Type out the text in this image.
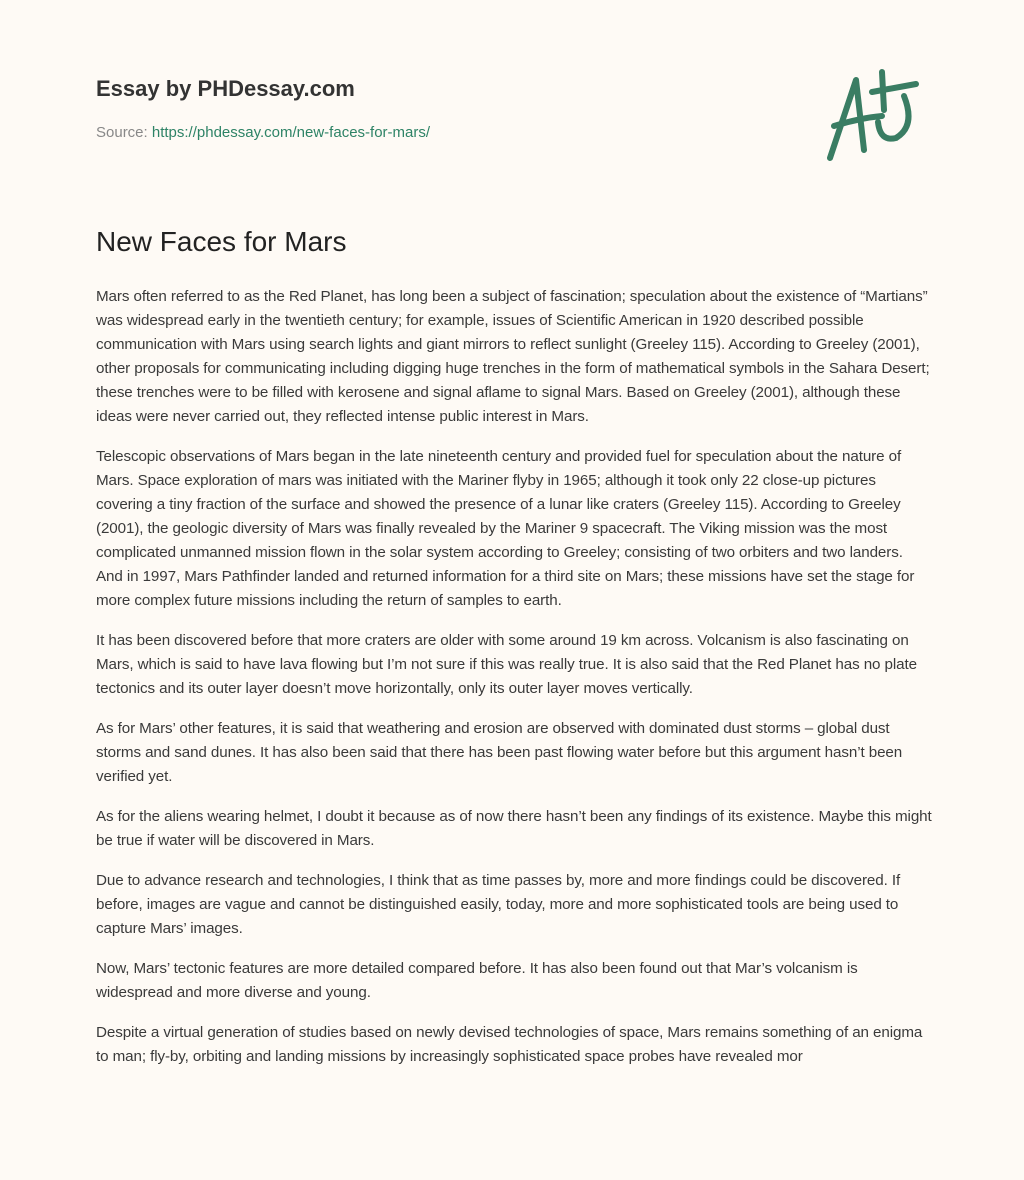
Essay by PHDessay.com
Source: https://phdessay.com/new-faces-for-mars/
New Faces for Mars

Mars often referred to as the Red Planet, has long been a subject of fascination; speculation about the existence of “Martians” was widespread early in the twentieth century; for example, issues of Scientific American in 1920 described possible communication with Mars using search lights and giant mirrors to reflect sunlight (Greeley 115). According to Greeley (2001), other proposals for communicating including digging huge trenches in the form of mathematical symbols in the Sahara Desert; these trenches were to be filled with kerosene and signal aflame to signal Mars. Based on Greeley (2001), although these ideas were never carried out, they reflected intense public interest in Mars.

Telescopic observations of Mars began in the late nineteenth century and provided fuel for speculation about the nature of Mars. Space exploration of mars was initiated with the Mariner flyby in 1965; although it took only 22 close-up pictures covering a tiny fraction of the surface and showed the presence of a lunar like craters (Greeley 115). According to Greeley (2001), the geologic diversity of Mars was finally revealed by the Mariner 9 spacecraft. The Viking mission was the most complicated unmanned mission flown in the solar system according to Greeley; consisting of two orbiters and two landers. And in 1997, Mars Pathfinder landed and returned information for a third site on Mars; these missions have set the stage for more complex future missions including the return of samples to earth.

It has been discovered before that more craters are older with some around 19 km across. Volcanism is also fascinating on Mars, which is said to have lava flowing but I’m not sure if this was really true. It is also said that the Red Planet has no plate tectonics and its outer layer doesn’t move horizontally, only its outer layer moves vertically.

As for Mars’ other features, it is said that weathering and erosion are observed with dominated dust storms – global dust storms and sand dunes. It has also been said that there has been past flowing water before but this argument hasn’t been verified yet.

As for the aliens wearing helmet, I doubt it because as of now there hasn’t been any findings of its existence. Maybe this might be true if water will be discovered in Mars.

Due to advance research and technologies, I think that as time passes by, more and more findings could be discovered. If before, images are vague and cannot be distinguished easily, today, more and more sophisticated tools are being used to capture Mars’ images.

Now, Mars’ tectonic features are more detailed compared before. It has also been found out that Mar’s volcanism is widespread and more diverse and young.

Despite a virtual generation of studies based on newly devised technologies of space, Mars remains something of an enigma to man; fly-by, orbiting and landing missions by increasingly sophisticated space probes have revealed mor
